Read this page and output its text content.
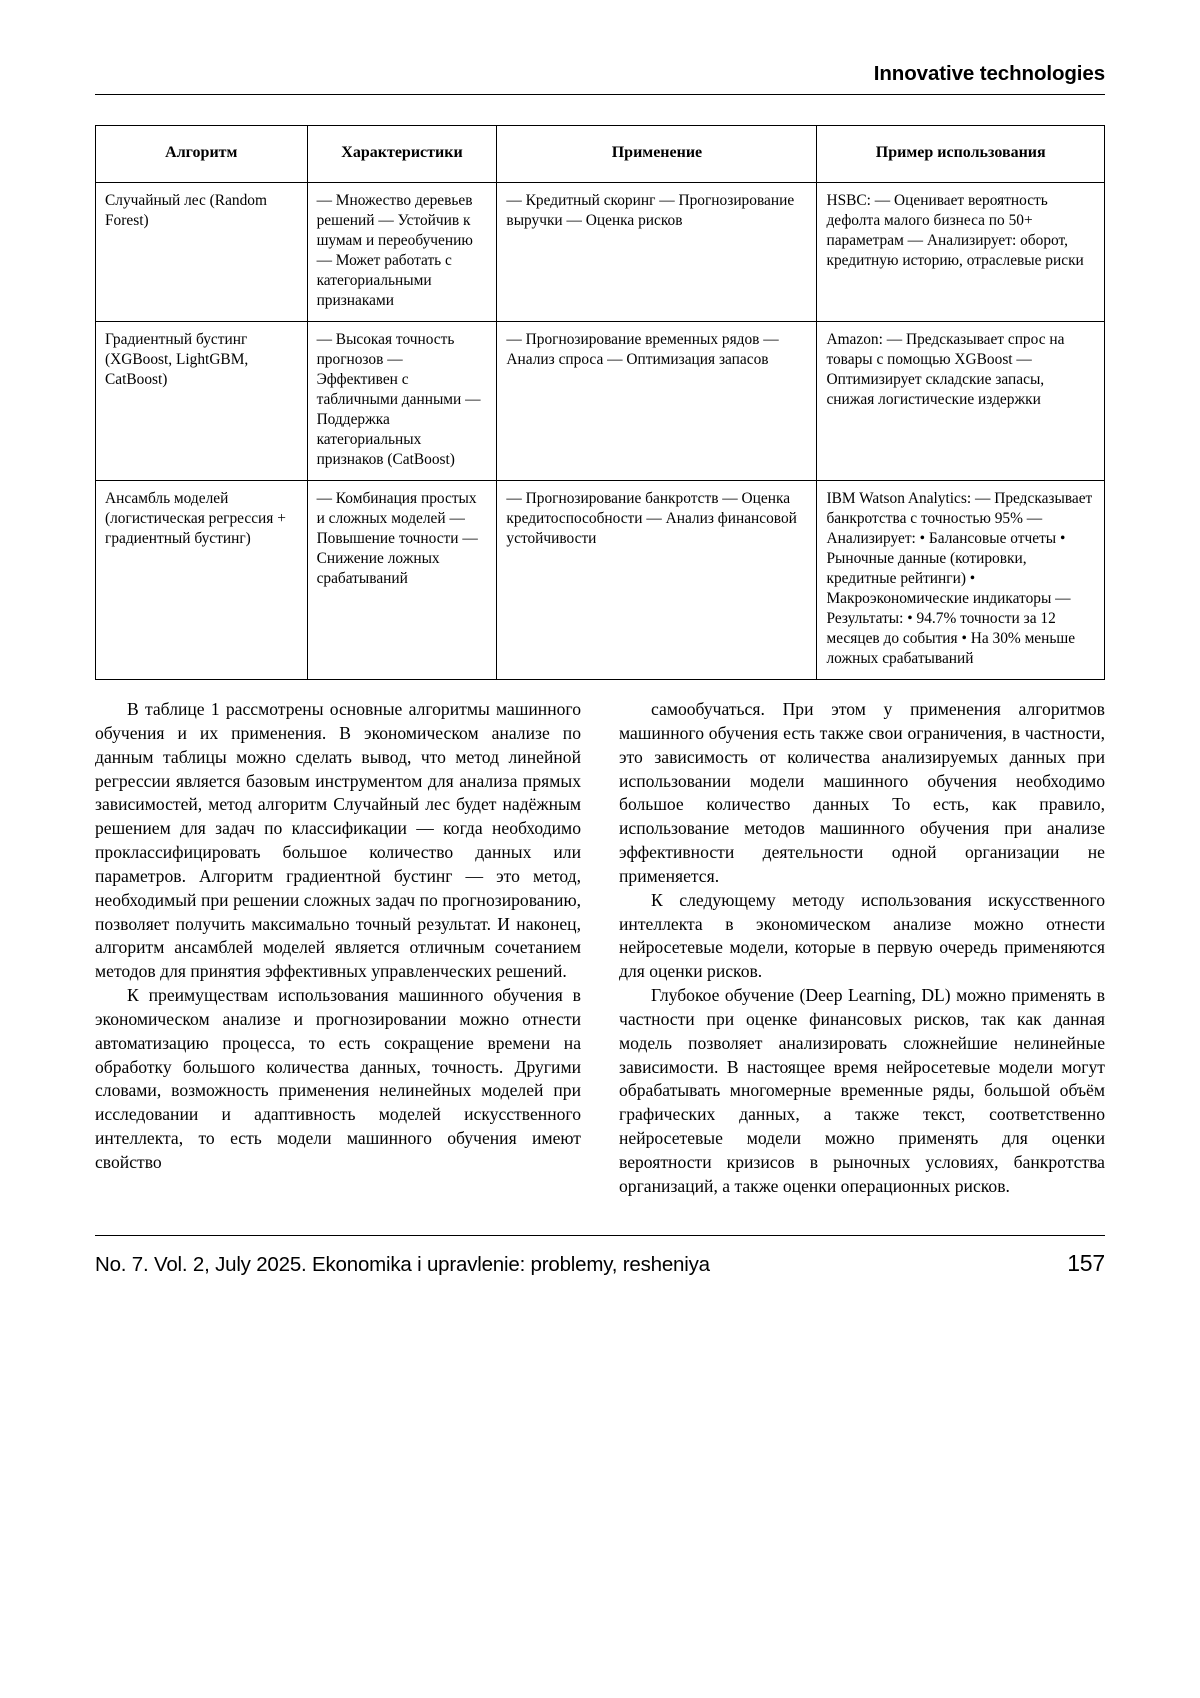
Innovative technologies
Алгоритм	Характеристики	Применение	Пример использования

Случайный лес (Random Forest)	— Множество деревьев решений — Устойчив к шумам и переобучению — Может работать с категориальными признаками	— Кредитный скоринг — Прогнозирование выручки — Оценка рисков	HSBC: — Оценивает вероятность дефолта малого бизнеса по 50+ параметрам — Анализирует: оборот, кредитную историю, отраслевые риски

Градиентный бустинг (XGBoost, LightGBM, CatBoost)	— Высокая точность прогнозов — Эффективен с табличными данными — Поддержка категориальных признаков (CatBoost)	— Прогнозирование временных рядов — Анализ спроса — Оптимизация запасов	Amazon: — Предсказывает спрос на товары с помощью XGBoost — Оптимизирует складские запасы, снижая логистические издержки

Ансамбль моделей (логистическая регрессия + градиентный бустинг)	— Комбинация простых и сложных моделей — Повышение точности — Снижение ложных срабатываний	— Прогнозирование банкротств — Оценка кредитоспособности — Анализ финансовой устойчивости	IBM Watson Analytics: — Предсказывает банкротства с точностью 95% — Анализирует: • Балансовые отчеты • Рыночные данные (котировки, кредитные рейтинги) • Макроэкономические индикаторы — Результаты: • 94.7% точности за 12 месяцев до события • На 30% меньше ложных срабатываний

В таблице 1 рассмотрены основные алгоритмы машинного обучения и их применения. В экономическом анализе по данным таблицы можно сделать вывод, что метод линейной регрессии является базовым инструментом для анализа прямых зависимостей, метод алгоритм Случайный лес будет надёжным решением для задач по классификации — когда необходимо проклассифицировать большое количество данных или параметров. Алгоритм градиентной бустинг — это метод, необходимый при решении сложных задач по прогнозированию, позволяет получить максимально точный результат. И наконец, алгоритм ансамблей моделей является отличным сочетанием методов для принятия эффективных управленческих решений.

К преимуществам использования машинного обучения в экономическом анализе и прогнозировании можно отнести автоматизацию процесса, то есть сокращение времени на обработку большого количества данных, точность. Другими словами, возможность применения нелинейных моделей при исследовании и адаптивность моделей искусственного интеллекта, то есть модели машинного обучения имеют свойство

самообучаться. При этом у применения алгоритмов машинного обучения есть также свои ограничения, в частности, это зависимость от количества анализируемых данных при использовании модели машинного обучения необходимо большое количество данных То есть, как правило, использование методов машинного обучения при анализе эффективности деятельности одной организации не применяется.

К следующему методу использования искусственного интеллекта в экономическом анализе можно отнести нейросетевые модели, которые в первую очередь применяются для оценки рисков.

Глубокое обучение (Deep Learning, DL) можно применять в частности при оценке финансовых рисков, так как данная модель позволяет анализировать сложнейшие нелинейные зависимости. В настоящее время нейросетевые модели могут обрабатывать многомерные временные ряды, большой объём графических данных, а также текст, соответственно нейросетевые модели можно применять для оценки вероятности кризисов в рыночных условиях, банкротства организаций, а также оценки операционных рисков.

No. 7. Vol. 2, July 2025. Ekonomika i upravlenie: problemy, resheniya	157
